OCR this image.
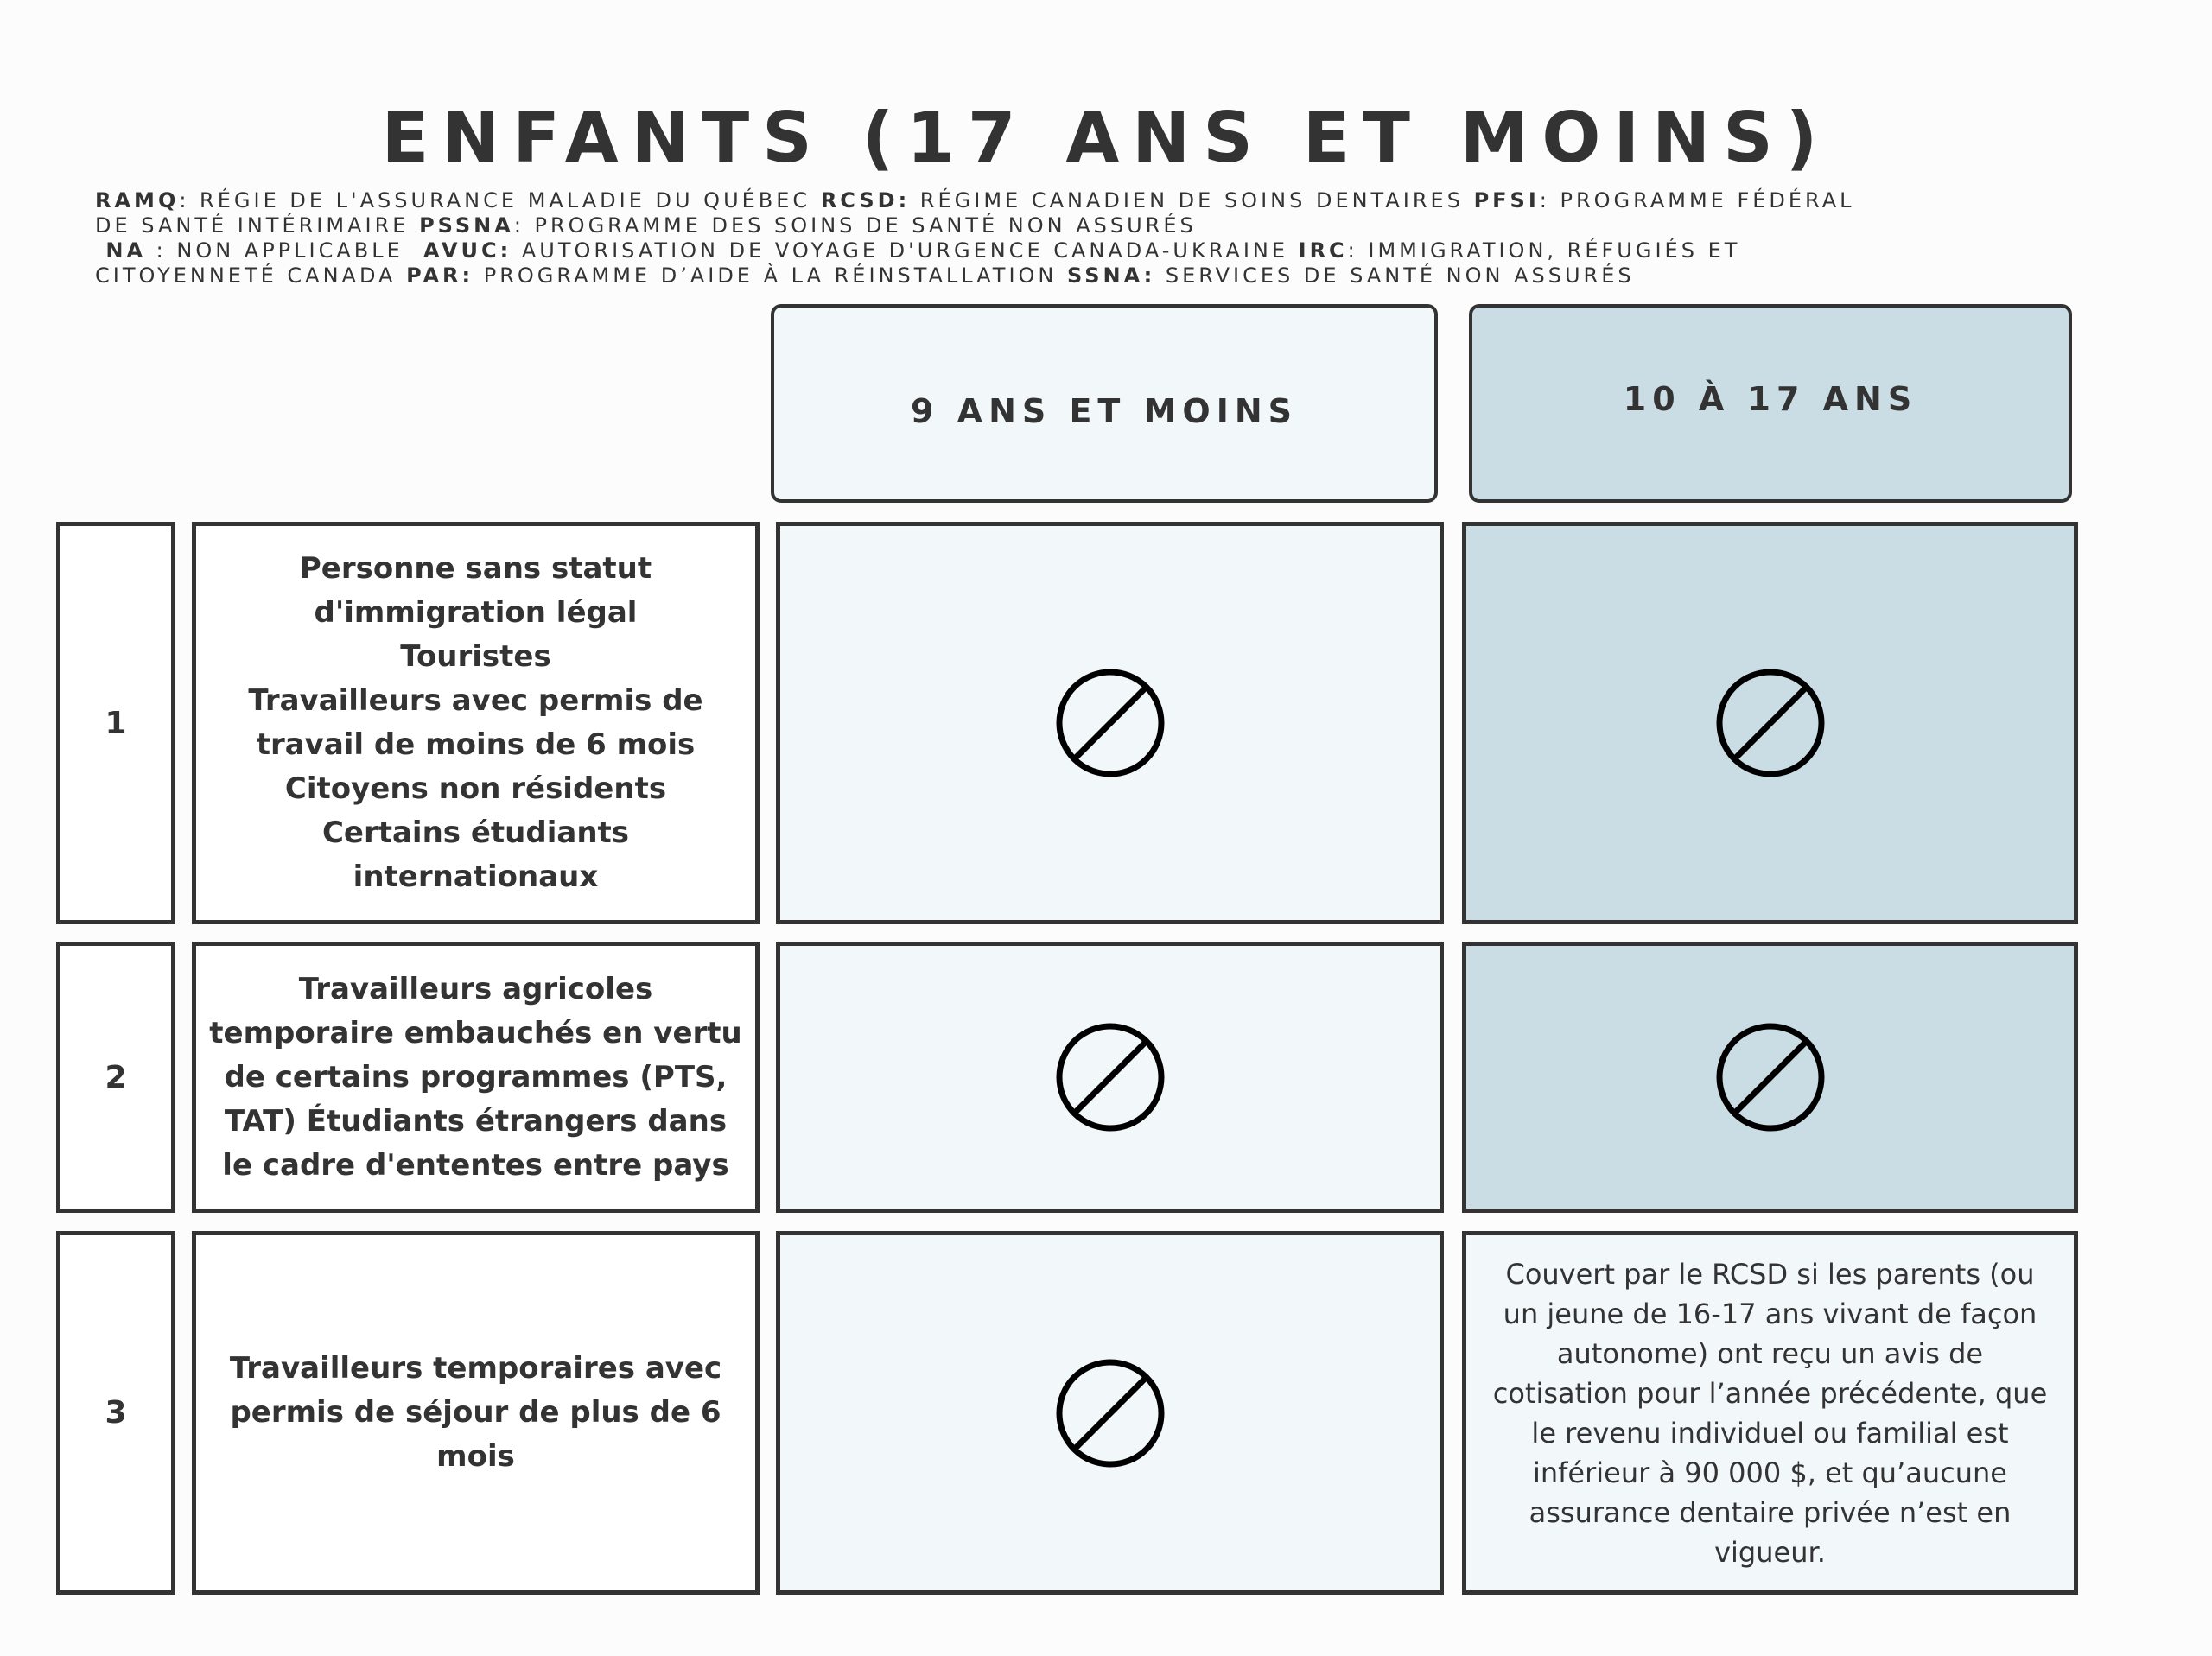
ENFANTS (17 ANS ET MOINS)
RAMQ: RÉGIE DE L'ASSURANCE MALADIE DU QUÉBEC RCSD: RÉGIME CANADIEN DE SOINS DENTAIRES PFSI: PROGRAMME FÉDÉRAL
DE SANTÉ INTÉRIMAIRE PSSNA: PROGRAMME DES SOINS DE SANTÉ NON ASSURÉS
NA : NON APPLICABLE  AVUC: AUTORISATION DE VOYAGE D'URGENCE CANADA-UKRAINE IRC: IMMIGRATION, RÉFUGIÉS ET
CITOYENNETÉ CANADA PAR: PROGRAMME D’AIDE À LA RÉINSTALLATION SSNA: SERVICES DE SANTÉ NON ASSURÉS
9 ANS ET MOINS	10 À 17 ANS
1
Personne sans statut
d'immigration légal
Touristes
Travailleurs avec permis de
travail de moins de 6 mois
Citoyens non résidents
Certains étudiants
internationaux
2
Travailleurs agricoles
temporaire embauchés en vertu
de certains programmes (PTS,
TAT) Étudiants étrangers dans
le cadre d'ententes entre pays
3
Travailleurs temporaires avec
permis de séjour de plus de 6
mois
Couvert par le RCSD si les parents (ou
un jeune de 16-17 ans vivant de façon
autonome) ont reçu un avis de
cotisation pour l’année précédente, que
le revenu individuel ou familial est
inférieur à 90 000 $, et qu’aucune
assurance dentaire privée n’est en
vigueur.
